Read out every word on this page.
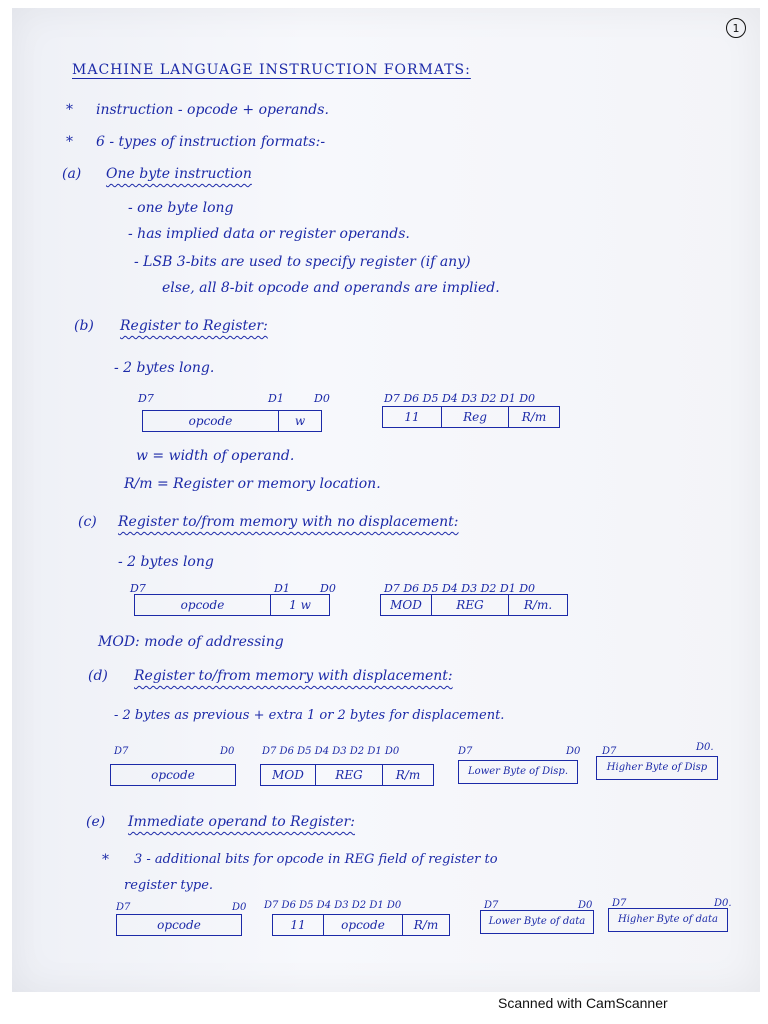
1
MACHINE LANGUAGE INSTRUCTION FORMATS:
* instruction - opcode + operands.
* 6 - types of instruction formats:-
(a) One byte instruction
- one byte long
- has implied data or register operands.
- LSB 3-bits are used to specify register (if any)
else, all 8-bit opcode and operands are implied.
(b) Register to Register:
- 2 bytes long.
D7	D1	D0	D7 D6 D5 D4 D3 D2 D1 D0
opcode	w	11	Reg	R/m
w = width of operand.
R/m = Register or memory location.
(c) Register to/from memory with no displacement:
- 2 bytes long
D7	D1	D0	D7 D6 D5 D4 D3 D2 D1 D0
opcode	1 w	MOD	REG	R/m.
MOD: mode of addressing
(d) Register to/from memory with displacement:
- 2 bytes as previous + extra 1 or 2 bytes for displacement.
D7	D0	D7 D6 D5 D4 D3 D2 D1 D0	D7	D0 D7	D0.
opcode	MOD	REG	R/m	Lower Byte of Disp.	Higher Byte of Disp
(e) Immediate operand to Register:
* 3 - additional bits for opcode in REG field of register to
register type.
D7	D0 D7 D6 D5 D4 D3 D2 D1 D0	D7	D0 D7	D0.
opcode	11	opcode	R/m	Lower Byte of data	Higher Byte of data
Scanned with CamScanner
